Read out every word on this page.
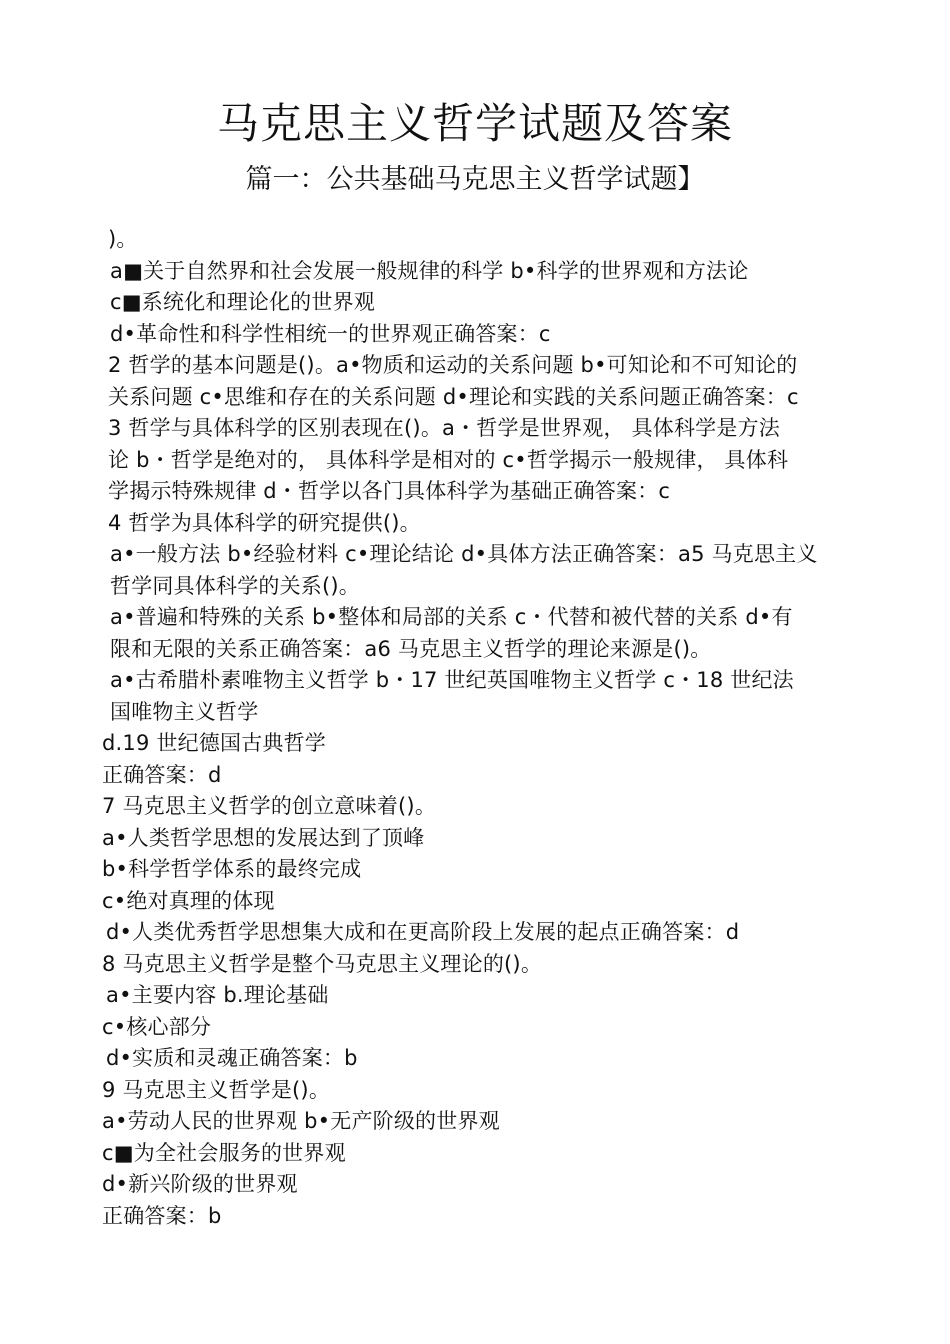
马克思主义哲学试题及答案
篇一：公共基础马克思主义哲学试题】
)。
a■关于自然界和社会发展一般规律的科学 b•科学的世界观和方法论
c■系统化和理论化的世界观
d•革命性和科学性相统一的世界观正确答案：c
2 哲学的基本问题是()。a•物质和运动的关系问题 b•可知论和不可知论的
关系问题 c•思维和存在的关系问题 d•理论和实践的关系问题正确答案：c
3 哲学与具体科学的区别表现在()。a・哲学是世界观， 具体科学是方法
论 b・哲学是绝对的， 具体科学是相对的 c•哲学揭示一般规律， 具体科
学揭示特殊规律 d・哲学以各门具体科学为基础正确答案：c
4 哲学为具体科学的研究提供()。
a•一般方法 b•经验材料 c•理论结论 d•具体方法正确答案：a5 马克思主义
哲学同具体科学的关系()。
a•普遍和特殊的关系 b•整体和局部的关系 c・代替和被代替的关系 d•有
限和无限的关系正确答案：a6 马克思主义哲学的理论来源是()。
a•古希腊朴素唯物主义哲学 b・17 世纪英国唯物主义哲学 c・18 世纪法
国唯物主义哲学
d.19 世纪德国古典哲学
正确答案：d
7 马克思主义哲学的创立意味着()。
a•人类哲学思想的发展达到了顶峰
b•科学哲学体系的最终完成
c•绝对真理的体现
d•人类优秀哲学思想集大成和在更高阶段上发展的起点正确答案：d
8 马克思主义哲学是整个马克思主义理论的()。
a•主要内容 b.理论基础
c•核心部分
d•实质和灵魂正确答案：b
9 马克思主义哲学是()。
a•劳动人民的世界观 b•无产阶级的世界观
c■为全社会服务的世界观
d•新兴阶级的世界观
正确答案：b
